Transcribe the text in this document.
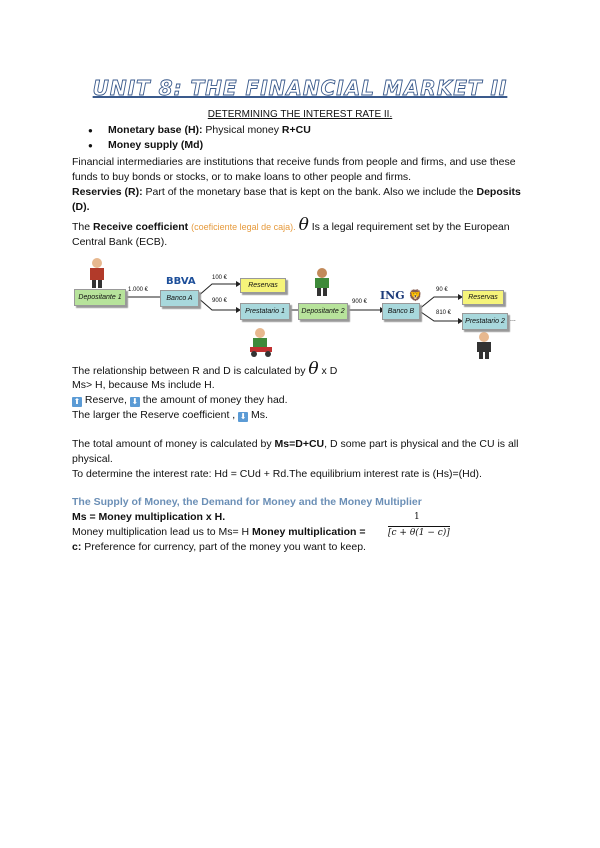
UNIT 8: THE FINANCIAL MARKET II
DETERMINING THE INTEREST RATE II.
● Monetary base (H): Physical money R+CU
● Money supply (Md)
Financial intermediaries are institutions that receive funds from people and firms, and use these funds to buy bonds or stocks, or to make loans to other people and firms.
Reservies (R): Part of the monetary base that is kept on the bank. Also we include the Deposits (D).
The Receive coefficient (coeficiente legal de caja). θ Is a legal requirement set by the European Central Bank (ECB).
Depositante 1
1.000 €
BBVA
Banco A
100 €
Reservas
900 €
Prestatario 1	Depositante 2
900 € ING 🦁
Banco B
90 €
Reservas
810 €
Prestatario 2 ...
The relationship between R and D is calculated by θ x D
Ms> H, because Ms include H.
⬆ Reserve, ⬇ the amount of money they had.
The larger the Reserve coefficient , ⬇ Ms.
The total amount of money is calculated by Ms=D+CU, D some part is physical and the CU is all physical.
To determine the interest rate: Hd = CUd + Rd.The equilibrium interest rate is (Hs)=(Hd).
The Supply of Money, the Demand for Money and the Money Multiplier
Ms = Money multiplication x H.
Money multiplication lead us to Ms= H Money multiplication =
1
[c + θ(1 − c)]
c: Preference for currency, part of the money you want to keep.
